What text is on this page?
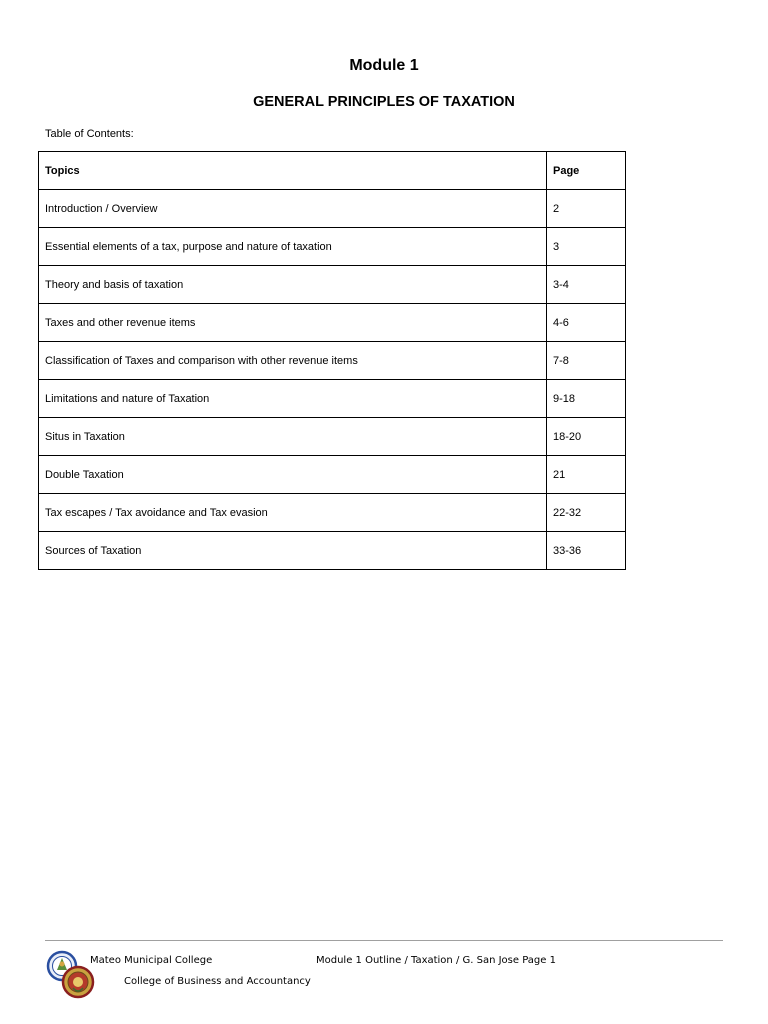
Module 1
GENERAL PRINCIPLES OF TAXATION
Table of Contents:
Topics	Page
Introduction / Overview	2
Essential elements of a tax, purpose and nature of taxation	3
Theory and basis of taxation	3-4
Taxes and other revenue items	4-6
Classification of Taxes and comparison with other revenue items	7-8
Limitations and nature of Taxation	9-18
Situs in Taxation	18-20
Double Taxation	21
Tax escapes / Tax avoidance and Tax evasion	22-32
Sources of Taxation	33-36
Mateo Municipal College	Module 1 Outline / Taxation / G. San Jose Page 1
College of Business and Accountancy
